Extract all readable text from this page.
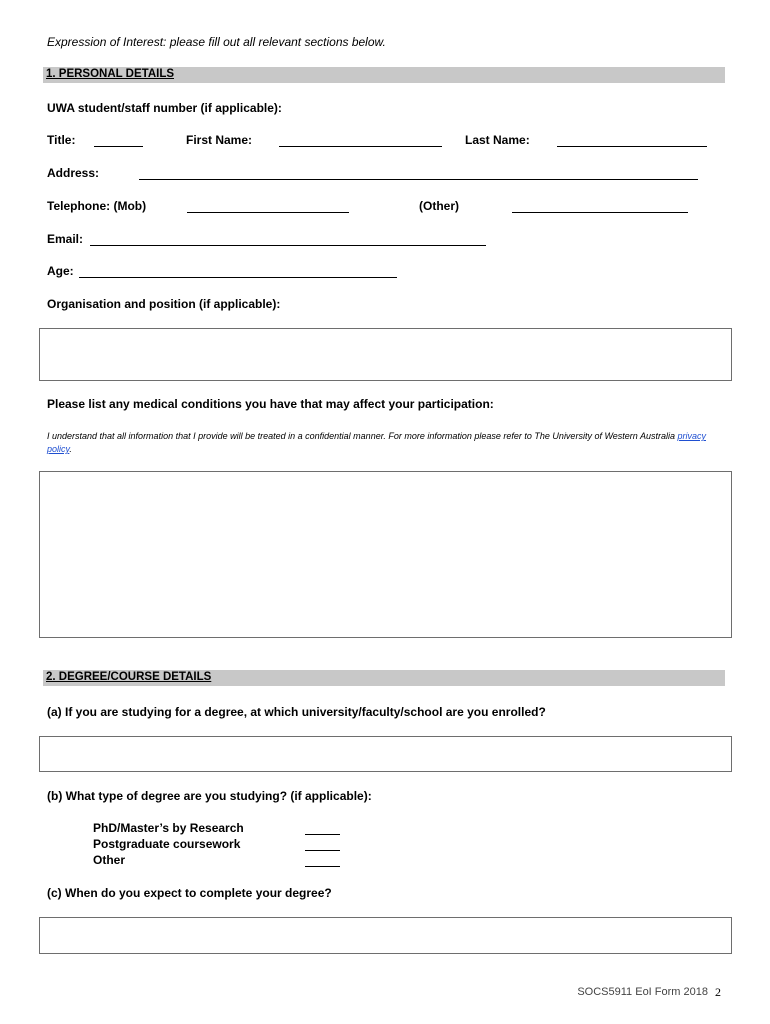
Expression of Interest: please fill out all relevant sections below.
1. PERSONAL DETAILS
UWA student/staff number (if applicable):
Title:	First Name:	Last Name:
Address:
Telephone: (Mob)	(Other)
Email:
Age:
Organisation and position (if applicable):
Please list any medical conditions you have that may affect your participation:
I understand that all information that I provide will be treated in a confidential manner. For more information please refer to The University of Western Australia privacy policy.
2. DEGREE/COURSE DETAILS
(a) If you are studying for a degree, at which university/faculty/school are you enrolled?
(b) What type of degree are you studying? (if applicable):
PhD/Master’s by Research
Postgraduate coursework
Other
(c) When do you expect to complete your degree?
SOCS5911 EoI Form 2018 2
